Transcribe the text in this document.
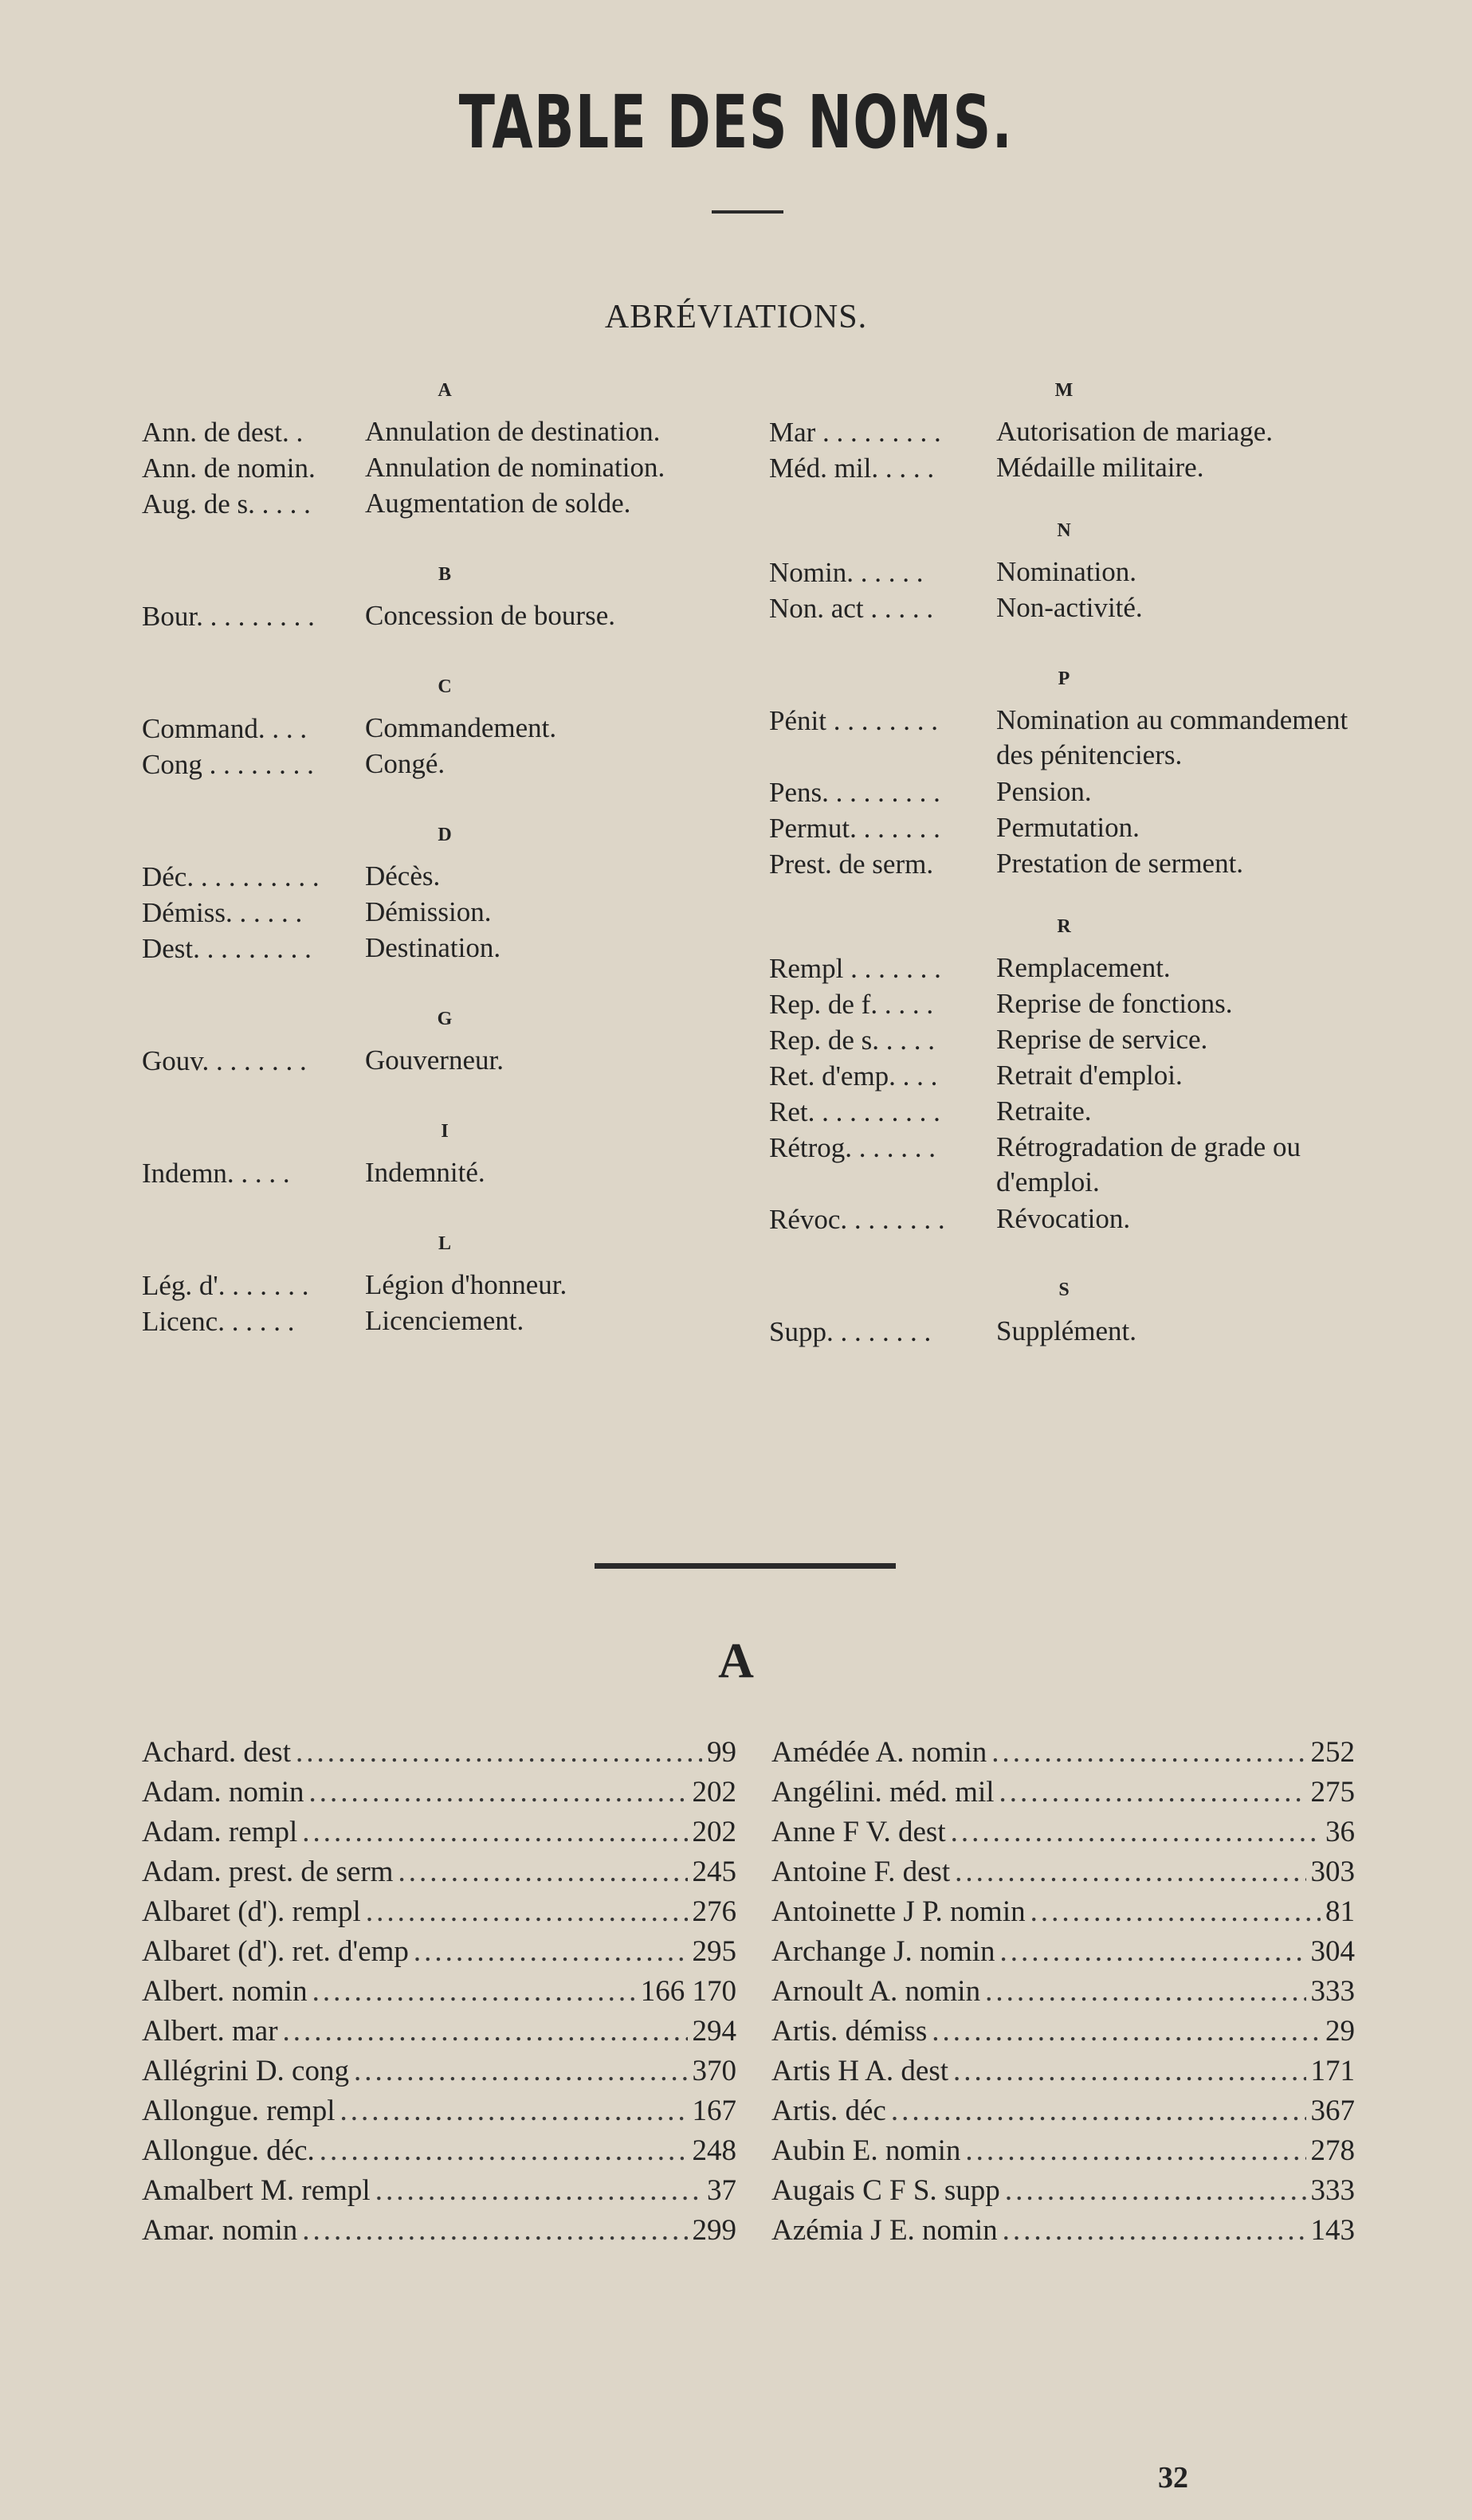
TABLE DES NOMS.
ABRÉVIATIONS.
A
Ann. de dest. . Annulation de destination.
Ann. de nomin. Annulation de nomination.
Aug. de s. . . . . Augmentation de solde.
B
Bour. . . . . . . . . Concession de bourse.
C
Command. . . . Commandement.
Cong . . . . . . . . Congé.
D
Déc. . . . . . . . . . Décès.
Démiss. . . . . . Démission.
Dest. . . . . . . . . Destination.
G
Gouv. . . . . . . . Gouverneur.
I
Indemn. . . . .	Indemnité.
L
Lég. d'. . . . . . . Légion d'honneur.
Licenc. . . . . .	Licenciement.
M
Mar . . . . . . . . . Autorisation de mariage.
Méd. mil. . . . . Médaille militaire.
N
Nomin. . . . . .	Nomination.
Non. act . . . . . Non-activité.
P
Pénit . . . . . . . . Nomination au commandement des pénitenciers.
Pens. . . . . . . . . Pension.
Permut. . . . . . . Permutation.
Prest. de serm. Prestation de serment.
R
Rempl . . . . . . . Remplacement.
Rep. de f. . . . . Reprise de fonctions.
Rep. de s. . . . . Reprise de service.
Ret. d'emp. . . . Retrait d'emploi.
Ret. . . . . . . . . . Retraite.
Rétrog. . . . . . . Rétrogradation de grade ou d'emploi.
Révoc. . . . . . . . Révocation.
S
Supp. . . . . . . . Supplément.
A
Achard. dest .....	99
Adam. nomin .....	202
Adam. rempl .....	202
Adam. prest. de serm .....	245
Albaret (d'). rempl .....	276
Albaret (d'). ret. d'emp .....	295
Albert. nomin .....	166 170
Albert. mar .....	294
Allégrini D. cong .....	370
Allongue. rempl .....	167
Allongue. déc. .....	248
Amalbert M. rempl .....	37
Amar. nomin .....	299
Amédée A. nomin .....	252
Angélini. méd. mil .....	275
Anne F V. dest .....	36
Antoine F. dest .....	303
Antoinette J P. nomin .....	81
Archange J. nomin .....	304
Arnoult A. nomin .....	333
Artis. démiss .....	29
Artis H A. dest .....	171
Artis. déc .....	367
Aubin E. nomin .....	278
Augais C F S. supp .....	333
Azémia J E. nomin .....	143
32
